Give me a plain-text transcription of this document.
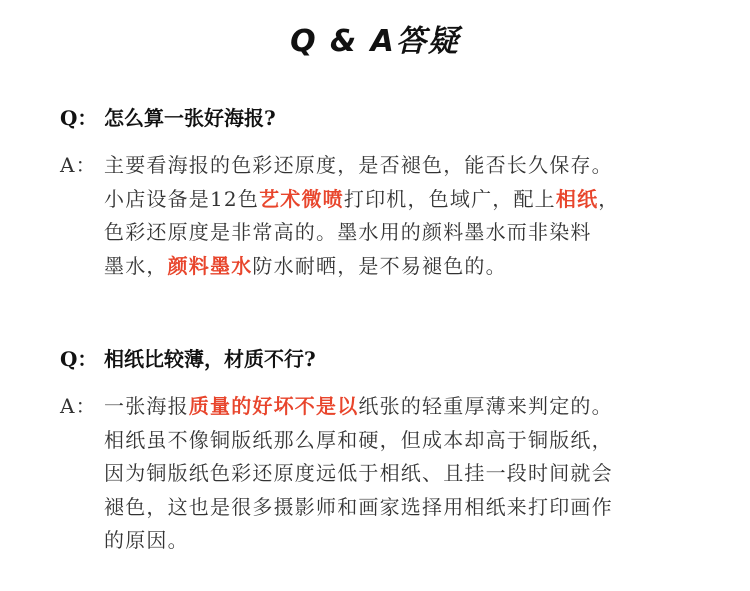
Q & A答疑
Q： 怎么算一张好海报?
A： 主要看海报的色彩还原度，是否褪色，能否长久保存。
小店设备是12色艺术微喷打印机，色域广，配上相纸，
色彩还原度是非常高的。墨水用的颜料墨水而非染料
墨水，颜料墨水防水耐晒，是不易褪色的。
Q： 相纸比较薄，材质不行?
A： 一张海报质量的好坏不是以纸张的轻重厚薄来判定的。
相纸虽不像铜版纸那么厚和硬，但成本却高于铜版纸，
因为铜版纸色彩还原度远低于相纸、且挂一段时间就会
褪色，这也是很多摄影师和画家选择用相纸来打印画作
的原因。
